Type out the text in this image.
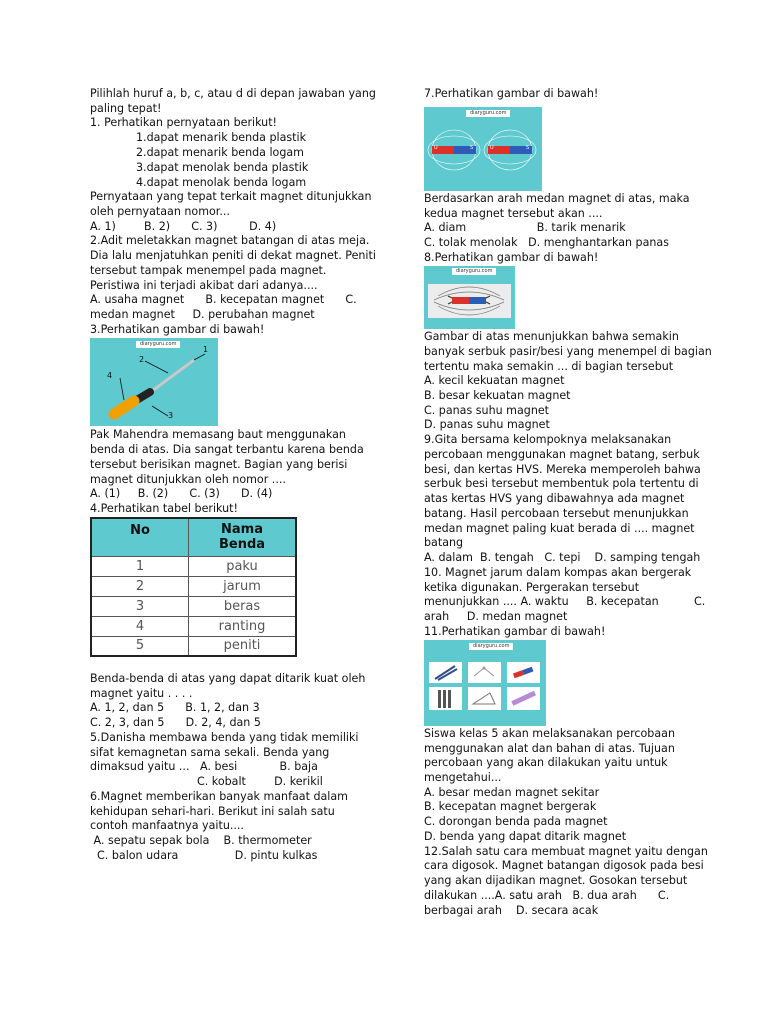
Pilihlah huruf a, b, c, atau d di depan jawaban yang
paling tepat!
1. Perhatikan pernyataan berikut!
1.dapat menarik benda plastik
2.dapat menarik benda logam
3.dapat menolak benda plastik
4.dapat menolak benda logam
Pernyataan yang tepat terkait magnet ditunjukkan
oleh pernyataan nomor...
A. 1)        B. 2)      C. 3)         D. 4)
2.Adit meletakkan magnet batangan di atas meja.
Dia lalu menjatuhkan peniti di dekat magnet. Peniti
tersebut tampak menempel pada magnet.
Peristiwa ini terjadi akibat dari adanya....
A. usaha magnet      B. kecepatan magnet      C.
medan magnet     D. perubahan magnet
3.Perhatikan gambar di bawah!
diaryguru.com
1
2
3
4
Pak Mahendra memasang baut menggunakan
benda di atas. Dia sangat terbantu karena benda
tersebut berisikan magnet. Bagian yang berisi
magnet ditunjukkan oleh nomor ....
A. (1)     B. (2)      C. (3)      D. (4)
4.Perhatikan tabel berikut!
No	Nama Benda
1	paku
2	jarum
3	beras
4	ranting
5	peniti
Benda-benda di atas yang dapat ditarik kuat oleh
magnet yaitu . . . .
A. 1, 2, dan 5      B. 1, 2, dan 3
C. 2, 3, dan 5      D. 2, 4, dan 5
5.Danisha membawa benda yang tidak memiliki
sifat kemagnetan sama sekali. Benda yang
dimaksud yaitu ...   A. besi            B. baja
C. kobalt        D. kerikil
6.Magnet memberikan banyak manfaat dalam
kehidupan sehari-hari. Berikut ini salah satu
contoh manfaatnya yaitu....
A. sepatu sepak bola    B. thermometer
C. balon udara                D. pintu kulkas
7.Perhatikan gambar di bawah!
diaryguru.com
U	S	U	S
Berdasarkan arah medan magnet di atas, maka
kedua magnet tersebut akan ....
A. diam                    B. tarik menarik
C. tolak menolak   D. menghantarkan panas
8.Perhatikan gambar di bawah!
diaryguru.com
Gambar di atas menunjukkan bahwa semakin
banyak serbuk pasir/besi yang menempel di bagian
tertentu maka semakin ... di bagian tersebut
A. kecil kekuatan magnet
B. besar kekuatan magnet
C. panas suhu magnet
D. panas suhu magnet
9.Gita bersama kelompoknya melaksanakan
percobaan menggunakan magnet batang, serbuk
besi, dan kertas HVS. Mereka memperoleh bahwa
serbuk besi tersebut membentuk pola tertentu di
atas kertas HVS yang dibawahnya ada magnet
batang. Hasil percobaan tersebut menunjukkan
medan magnet paling kuat berada di .... magnet
batang
A. dalam  B. tengah   C. tepi    D. samping tengah
10. Magnet jarum dalam kompas akan bergerak
ketika digunakan. Pergerakan tersebut
menunjukkan .... A. waktu     B. kecepatan          C.
arah     D. medan magnet
11.Perhatikan gambar di bawah!
diaryguru.com
Siswa kelas 5 akan melaksanakan percobaan
menggunakan alat dan bahan di atas. Tujuan
percobaan yang akan dilakukan yaitu untuk
mengetahui...
A. besar medan magnet sekitar
B. kecepatan magnet bergerak
C. dorongan benda pada magnet
D. benda yang dapat ditarik magnet
12.Salah satu cara membuat magnet yaitu dengan
cara digosok. Magnet batangan digosok pada besi
yang akan dijadikan magnet. Gosokan tersebut
dilakukan ....A. satu arah   B. dua arah      C.
berbagai arah    D. secara acak
